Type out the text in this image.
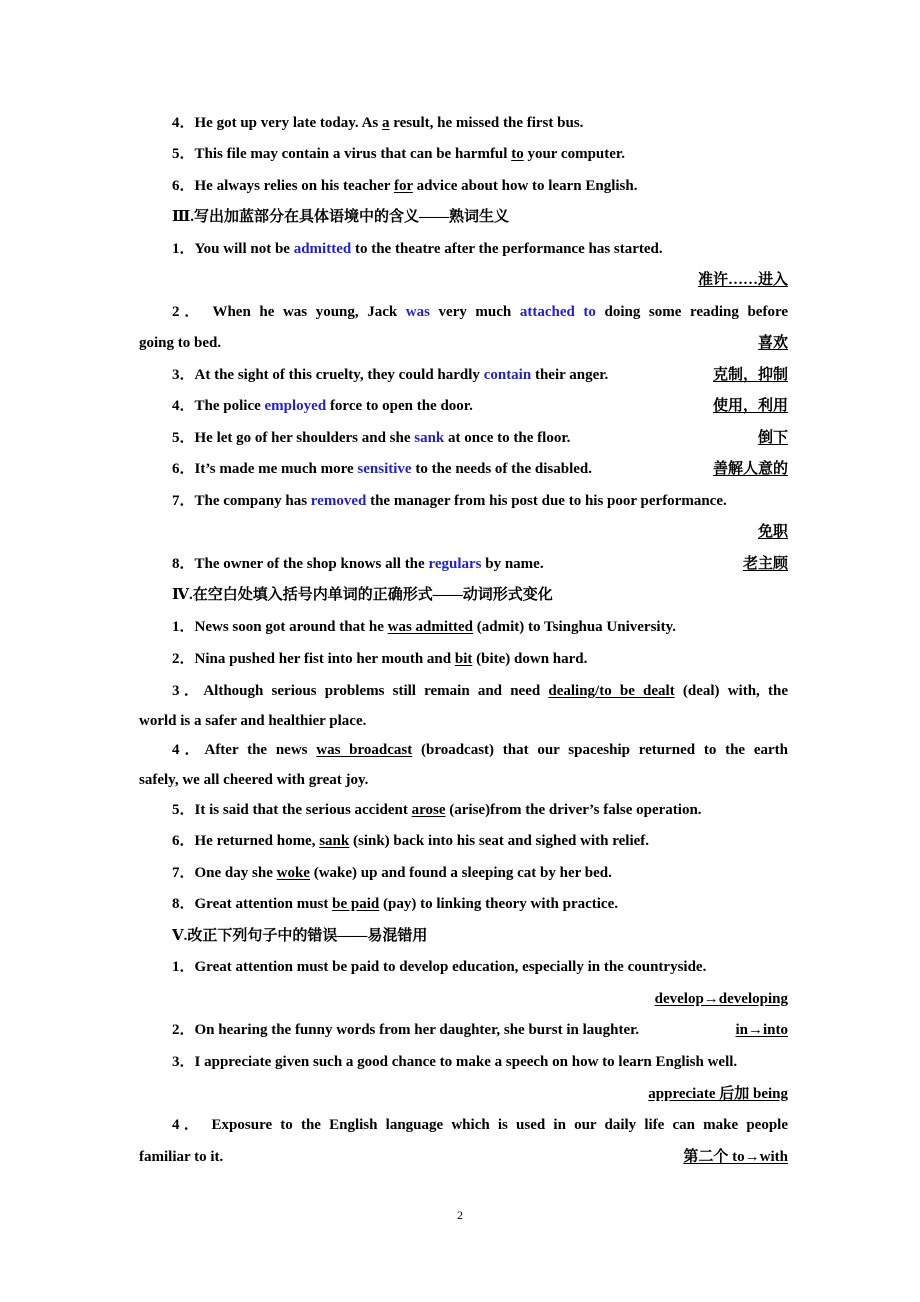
4．He got up very late today. As a result, he missed the first bus.
5．This file may contain a virus that can be harmful to your computer.
6．He always relies on his teacher for advice about how to learn English.
Ⅲ.写出加蓝部分在具体语境中的含义——熟词生义
1．You will not be admitted to the theatre after the performance has started.
准许……进入
2． When he was young, Jack was very much attached to doing some reading before
going to bed.	喜欢
3．At the sight of this cruelty, they could hardly contain their anger.	克制，抑制
4．The police employed force to open the door.	使用，利用
5．He let go of her shoulders and she sank at once to the floor.	倒下
6．It’s made me much more sensitive to the needs of the disabled.	善解人意的
7．The company has removed the manager from his post due to his poor performance.
免职
8．The owner of the shop knows all the regulars by name.	老主顾
Ⅳ.在空白处填入括号内单词的正确形式——动词形式变化
1．News soon got around that he was admitted (admit) to Tsinghua University.
2．Nina pushed her fist into her mouth and bit (bite) down hard.
3．Although serious problems still remain and need dealing/to be dealt (deal) with, the
world is a safer and healthier place.
4．After the news was broadcast (broadcast) that our spaceship returned to the earth
safely, we all cheered with great joy.
5．It is said that the serious accident arose (arise)from the driver’s false operation.
6．He returned home, sank (sink) back into his seat and sighed with relief.
7．One day she woke (wake) up and found a sleeping cat by her bed.
8．Great attention must be paid (pay) to linking theory with practice.
Ⅴ.改正下列句子中的错误——易混错用
1．Great attention must be paid to develop education, especially in the countryside.
develop→developing
2．On hearing the funny words from her daughter, she burst in laughter.	in→into
3．I appreciate given such a good chance to make a speech on how to learn English well.
appreciate 后加 being
4． Exposure to the English language which is used in our daily life can make people
familiar to it.	第二个 to→with
2
